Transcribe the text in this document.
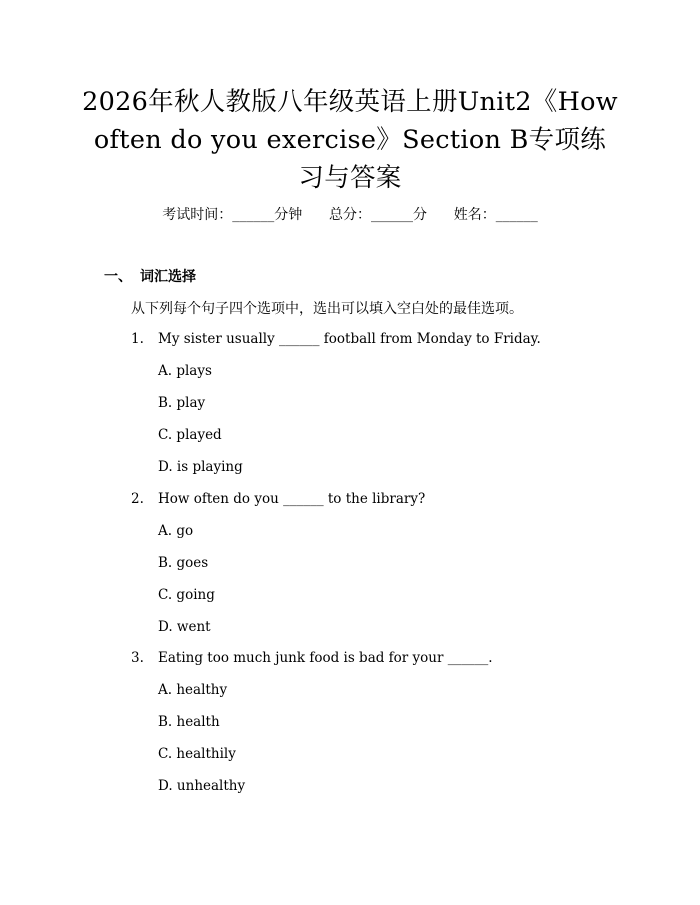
2026年秋人教版八年级英语上册Unit2《How
often do you exercise》Section B专项练
习与答案
考试时间：______分钟 总分：______分 姓名：______
一、 词汇选择
从下列每个句子四个选项中，选出可以填入空白处的最佳选项。
1. My sister usually ______ football from Monday to Friday.
A. plays
B. play
C. played
D. is playing
2. How often do you ______ to the library?
A. go
B. goes
C. going
D. went
3. Eating too much junk food is bad for your ______.
A. healthy
B. health
C. healthily
D. unhealthy
